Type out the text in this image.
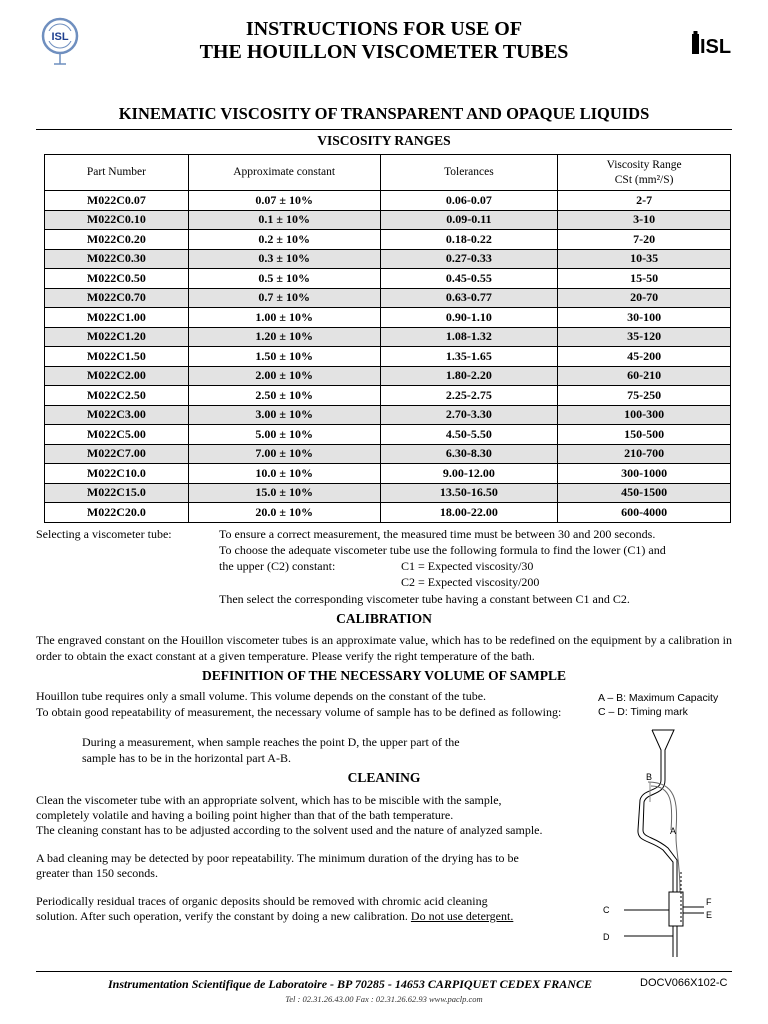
ISL	ISL
INSTRUCTIONS FOR USE OF
THE HOUILLON VISCOMETER TUBES
KINEMATIC VISCOSITY OF TRANSPARENT AND OPAQUE LIQUIDS
VISCOSITY RANGES
Part Number	Approximate constant	Tolerances	Viscosity Range
CSt (mm²/S)

M022C0.07	0.07 ± 10%	0.06-0.07	2-7
M022C0.10	0.1 ± 10%	0.09-0.11	3-10
M022C0.20	0.2 ± 10%	0.18-0.22	7-20
M022C0.30	0.3 ± 10%	0.27-0.33	10-35
M022C0.50	0.5 ± 10%	0.45-0.55	15-50
M022C0.70	0.7 ± 10%	0.63-0.77	20-70
M022C1.00	1.00 ± 10%	0.90-1.10	30-100
M022C1.20	1.20 ± 10%	1.08-1.32	35-120
M022C1.50	1.50 ± 10%	1.35-1.65	45-200
M022C2.00	2.00 ± 10%	1.80-2.20	60-210
M022C2.50	2.50 ± 10%	2.25-2.75	75-250
M022C3.00	3.00 ± 10%	2.70-3.30	100-300
M022C5.00	5.00 ± 10%	4.50-5.50	150-500
M022C7.00	7.00 ± 10%	6.30-8.30	210-700
M022C10.0	10.0 ± 10%	9.00-12.00	300-1000
M022C15.0	15.0 ± 10%	13.50-16.50	450-1500
M022C20.0	20.0 ± 10%	18.00-22.00	600-4000
Selecting a viscometer tube:	To ensure a correct measurement, the measured time must be between 30 and 200 seconds.
To choose the adequate viscometer tube use the following formula to find the lower (C1) and
the upper (C2) constant:	C1 = Expected viscosity/30
C2 = Expected viscosity/200
Then select the corresponding viscometer tube having a constant between C1 and C2.
CALIBRATION
The engraved constant on the Houillon viscometer tubes is an approximate value, which has to be redefined on the equipment by a calibration in order to obtain the exact constant at a given temperature. Please verify the right temperature of the bath.
DEFINITION OF THE NECESSARY VOLUME OF SAMPLE
Houillon tube requires only a small volume. This volume depends on the constant of the tube.
To obtain good repeatability of measurement, the necessary volume of sample has to be defined as following:
During a measurement, when sample reaches the point D, the upper part of the
sample has to be in the horizontal part A-B.
A – B: Maximum Capacity
C – D: Timing mark
B
A
C
D
F
E
CLEANING
Clean the viscometer tube with an appropriate solvent, which has to be miscible with the sample,
completely volatile and having a boiling point higher than that of the bath temperature.
The cleaning constant has to be adjusted according to the solvent used and the nature of analyzed sample.
A bad cleaning may be detected by poor repeatability. The minimum duration of the drying has to be
greater than 150 seconds.
Periodically residual traces of organic deposits should be removed with chromic acid cleaning
solution. After such operation, verify the constant by doing a new calibration. Do not use detergent.
Instrumentation Scientifique de Laboratoire - BP 70285 - 14653 CARPIQUET CEDEX FRANCE	DOCV066X102-C
Tel : 02.31.26.43.00 Fax : 02.31.26.62.93 www.paclp.com
